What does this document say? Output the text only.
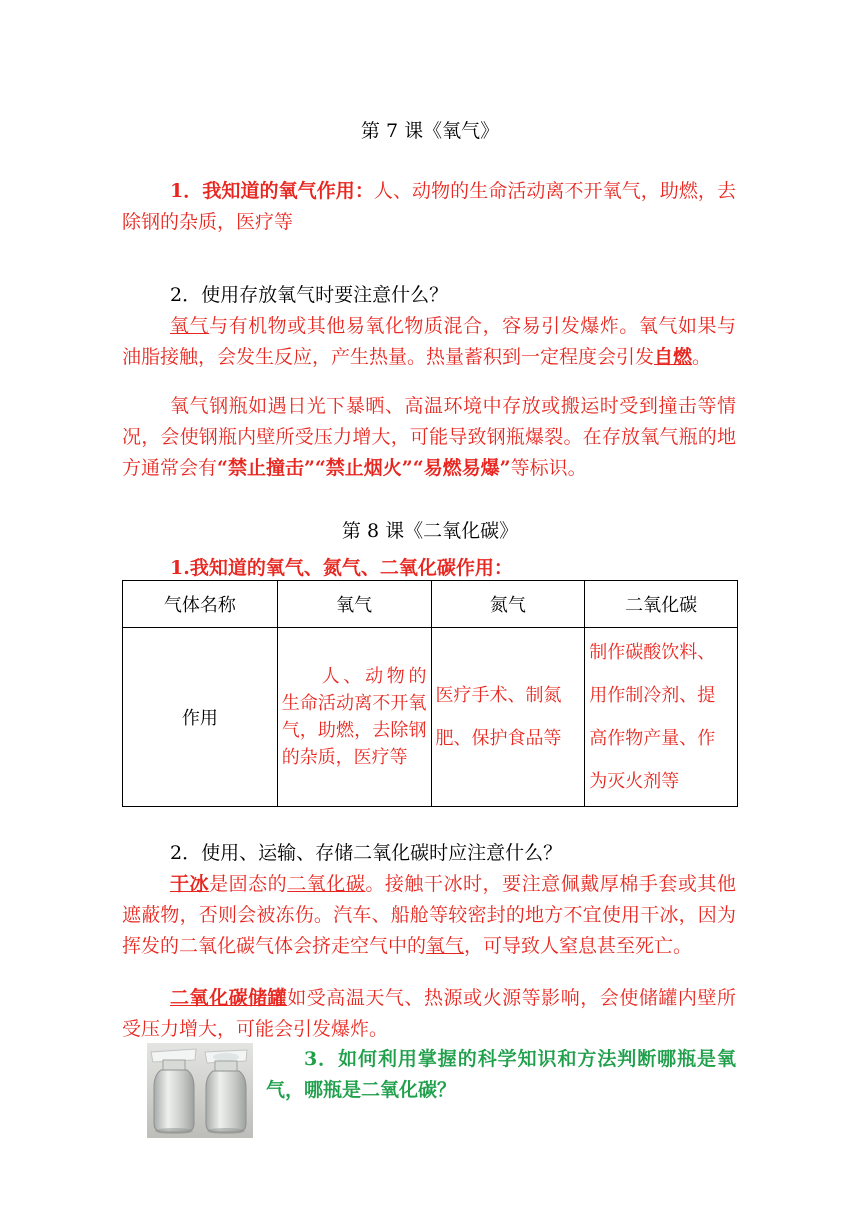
第 7 课《氧气》
1．我知道的氧气作用：人、动物的生命活动离不开氧气，助燃，去除钢的杂质，医疗等
2．使用存放氧气时要注意什么？
氧气与有机物或其他易氧化物质混合，容易引发爆炸。氧气如果与油脂接触，会发生反应，产生热量。热量蓄积到一定程度会引发自燃。
氧气钢瓶如遇日光下暴晒、高温环境中存放或搬运时受到撞击等情况，会使钢瓶内壁所受压力增大，可能导致钢瓶爆裂。在存放氧气瓶的地方通常会有“禁止撞击”“禁止烟火”“易燃易爆”等标识。
第 8 课《二氧化碳》
1.我知道的氧气、氮气、二氧化碳作用：
气体名称	氧气	氮气	二氧化碳
作用	人、动物的生命活动离不开氧气，助燃，去除钢的杂质，医疗等	医疗手术、制氮肥、保护食品等	制作碳酸饮料、用作制冷剂、提高作物产量、作为灭火剂等
2．使用、运输、存储二氧化碳时应注意什么？
干冰是固态的二氧化碳。接触干冰时，要注意佩戴厚棉手套或其他遮蔽物，否则会被冻伤。汽车、船舱等较密封的地方不宜使用干冰，因为挥发的二氧化碳气体会挤走空气中的氧气，可导致人窒息甚至死亡。
二氧化碳储罐如受高温天气、热源或火源等影响，会使储罐内壁所受压力增大，可能会引发爆炸。
3．如何利用掌握的科学知识和方法判断哪瓶是氧气，哪瓶是二氧化碳？
